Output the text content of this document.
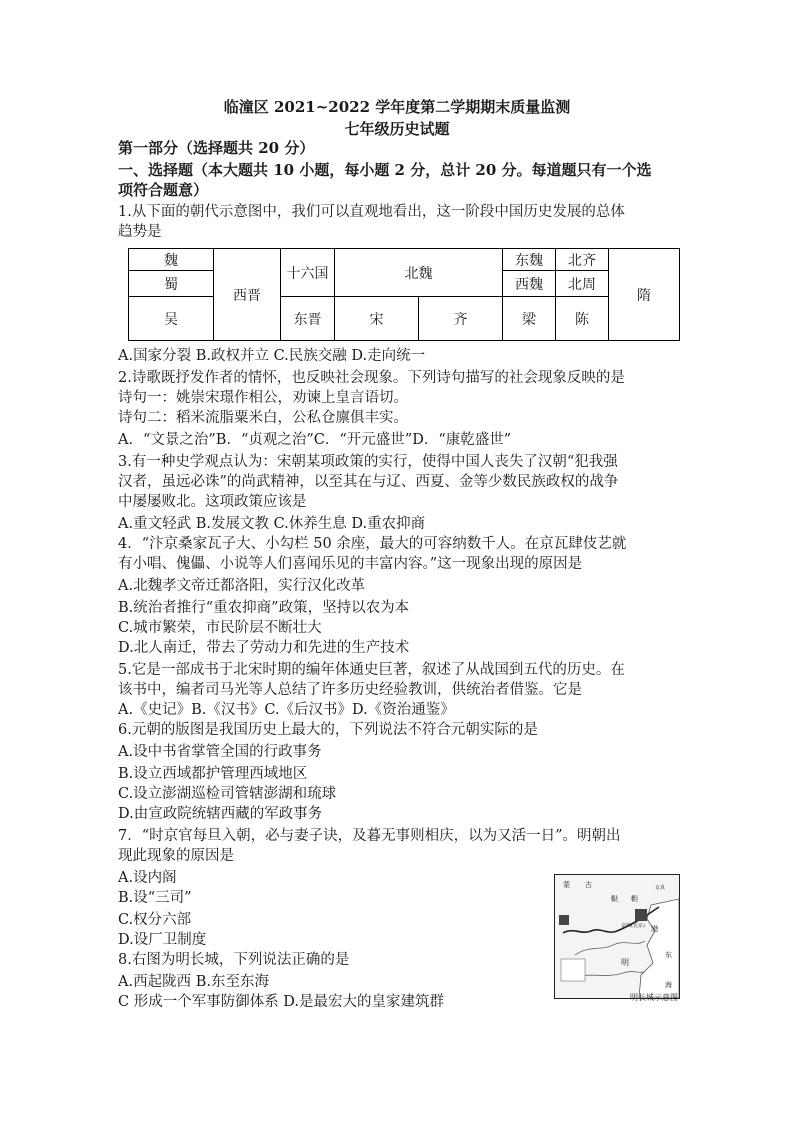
临潼区 2021~2022 学年度第二学期期末质量监测
七年级历史试题
第一部分（选择题共 20 分）
一、选择题（本大题共 10 小题，每小题 2 分，总计 20 分。每道题只有一个选
项符合题意）
1.从下面的朝代示意图中，我们可以直观地看出，这一阶段中国历史发展的总体
趋势是
魏	西晋	十六国	北魏		东魏	北齐	隋

蜀					西魏	北周	

吴		东晋	宋	齐	梁	陈	

A.国家分裂 B.政权并立 C.民族交融 D.走向统一
2.诗歌既抒发作者的情怀，也反映社会现象。下列诗句描写的社会现象反映的是
诗句一：姚崇宋璟作相公，劝谏上皇言语切。
诗句二：稻米流脂粟米白，公私仓廪俱丰实。
A．“文景之治”B．“贞观之治”C．“开元盛世”D．“康乾盛世”
3.有一种史学观点认为：宋朝某项政策的实行，使得中国人丧失了汉朝“犯我强
汉者，虽远必诛”的尚武精神，以至其在与辽、西夏、金等少数民族政权的战争
中屡屡败北。这项政策应该是
A.重文轻武 B.发展文教 C.休养生息 D.重农抑商
4．“汴京桑家瓦子大、小勾栏 50 余座，最大的可容纳数千人。在京瓦肆伎艺就
有小唱、傀儡、小说等人们喜闻乐见的丰富内容。”这一现象出现的原因是
A.北魏孝文帝迁都洛阳，实行汉化改革
B.统治者推行“重农抑商”政策，坚持以农为本
C.城市繁荣，市民阶层不断壮大
D.北人南迁，带去了劳动力和先进的生产技术
5.它是一部成书于北宋时期的编年体通史巨著，叙述了从战国到五代的历史。在
该书中，编者司马光等人总结了许多历史经验教训，供统治者借鉴。它是
A.《史记》B.《汉书》C.《后汉书》D.《资治通鉴》
6.元朝的版图是我国历史上最大的，下列说法不符合元朝实际的是
A.设中书省掌管全国的行政事务
B.设立西域都护管理西域地区
C.设立澎湖巡检司管辖澎湖和琉球
D.由宣政院统辖西藏的军政事务
7．“时京官每旦入朝，必与妻子诀，及暮无事则相庆，以为又活一日”。明朝出
现此现象的原因是
A.设内阁
B.设“三司”
C.权分六部
D.设厂卫制度
8.右图为明长城，下列说法正确的是
A.西起陇西 B.东至东海
C 形成一个军事防御体系 D.是最宏大的皇家建筑群
蒙 古
鞑 靼
京师(北京)
明
渤
东
海
女真
明长城示意图
